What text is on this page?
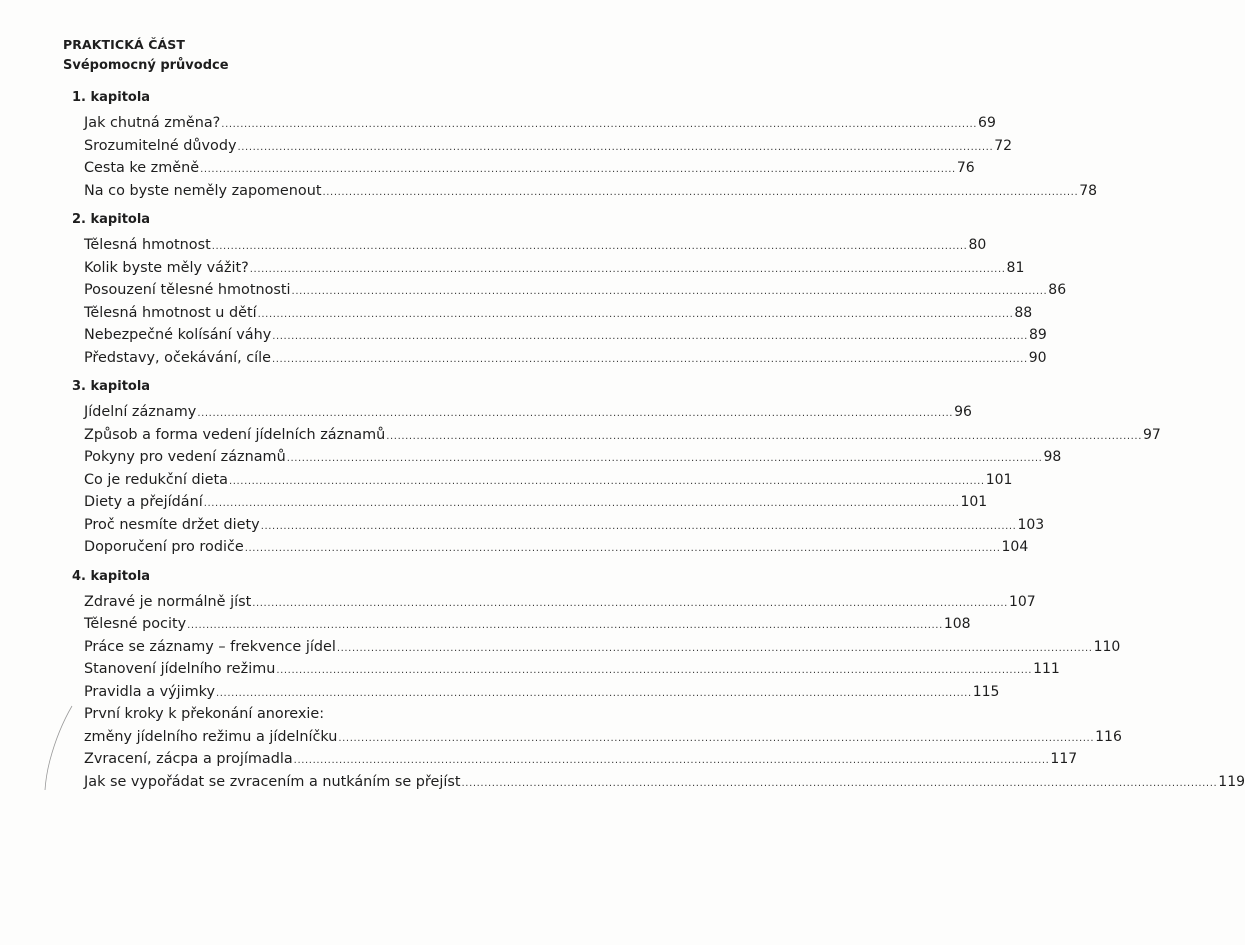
PRAKTICKÁ ČÁST
Svépomocný průvodce
1. kapitola
Jak chutná změna? ........................................................................................................................................................................................................ 69
Srozumitelné důvody ........................................................................................................................................................................................................ 72
Cesta ke změně ........................................................................................................................................................................................................ 76
Na co byste neměly zapomenout ........................................................................................................................................................................................................ 78
2. kapitola
Tělesná hmotnost ........................................................................................................................................................................................................ 80
Kolik byste měly vážit? ........................................................................................................................................................................................................ 81
Posouzení tělesné hmotnosti ........................................................................................................................................................................................................ 86
Tělesná hmotnost u dětí ........................................................................................................................................................................................................ 88
Nebezpečné kolísání váhy ........................................................................................................................................................................................................ 89
Představy, očekávání, cíle ........................................................................................................................................................................................................ 90
3. kapitola
Jídelní záznamy ........................................................................................................................................................................................................ 96
Způsob a forma vedení jídelních záznamů ........................................................................................................................................................................................................ 97
Pokyny pro vedení záznamů ........................................................................................................................................................................................................ 98
Co je redukční dieta ........................................................................................................................................................................................................ 101
Diety a přejídání ........................................................................................................................................................................................................ 101
Proč nesmíte držet diety ........................................................................................................................................................................................................ 103
Doporučení pro rodiče ........................................................................................................................................................................................................ 104
4. kapitola
Zdravé je normálně jíst ........................................................................................................................................................................................................ 107
Tělesné pocity ........................................................................................................................................................................................................ 108
Práce se záznamy – frekvence jídel ........................................................................................................................................................................................................ 110
Stanovení jídelního režimu ........................................................................................................................................................................................................ 111
Pravidla a výjimky ........................................................................................................................................................................................................ 115
První kroky k překonání anorexie:
změny jídelního režimu a jídelníčku ........................................................................................................................................................................................................ 116
Zvracení, zácpa a projímadla ........................................................................................................................................................................................................ 117
Jak se vypořádat se zvracením a nutkáním se přejíst ........................................................................................................................................................................................................ 119
